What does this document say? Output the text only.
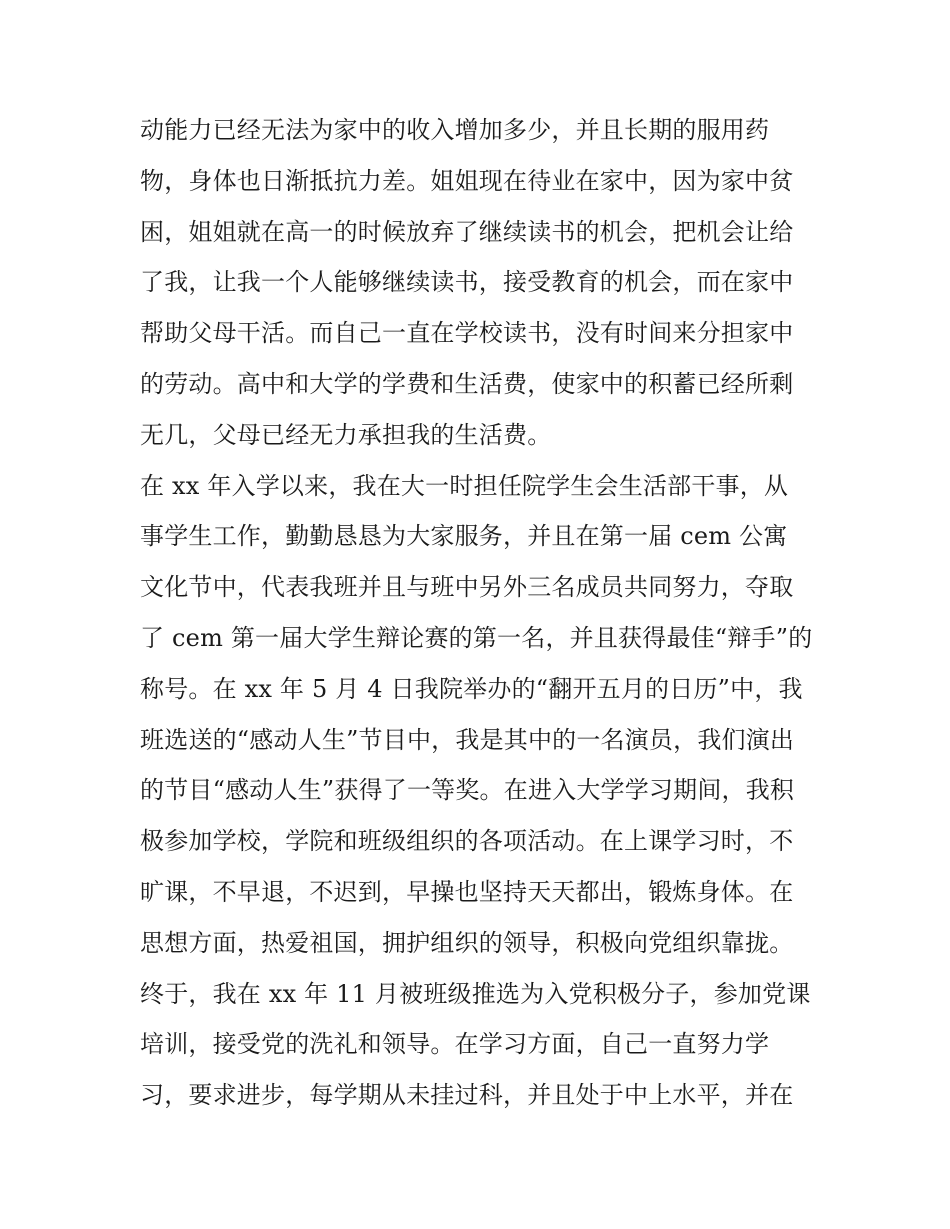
动能力已经无法为家中的收入增加多少，并且长期的服用药
物，身体也日渐抵抗力差。姐姐现在待业在家中，因为家中贫
困，姐姐就在高一的时候放弃了继续读书的机会，把机会让给
了我，让我一个人能够继续读书，接受教育的机会，而在家中
帮助父母干活。而自己一直在学校读书，没有时间来分担家中
的劳动。高中和大学的学费和生活费，使家中的积蓄已经所剩
无几，父母已经无力承担我的生活费。
在 xx 年入学以来，我在大一时担任院学生会生活部干事，从
事学生工作，勤勤恳恳为大家服务，并且在第一届 cem 公寓
文化节中，代表我班并且与班中另外三名成员共同努力，夺取
了 cem 第一届大学生辩论赛的第一名，并且获得最佳“辩手”的
称号。在 xx 年 5 月 4 日我院举办的“翻开五月的日历”中，我
班选送的“感动人生”节目中，我是其中的一名演员，我们演出
的节目“感动人生”获得了一等奖。在进入大学学习期间，我积
极参加学校，学院和班级组织的各项活动。在上课学习时，不
旷课，不早退，不迟到，早操也坚持天天都出，锻炼身体。在
思想方面，热爱祖国，拥护组织的领导，积极向党组织靠拢。
终于，我在 xx 年 11 月被班级推选为入党积极分子，参加党课
培训，接受党的洗礼和领导。在学习方面，自己一直努力学
习，要求进步，每学期从未挂过科，并且处于中上水平，并在
